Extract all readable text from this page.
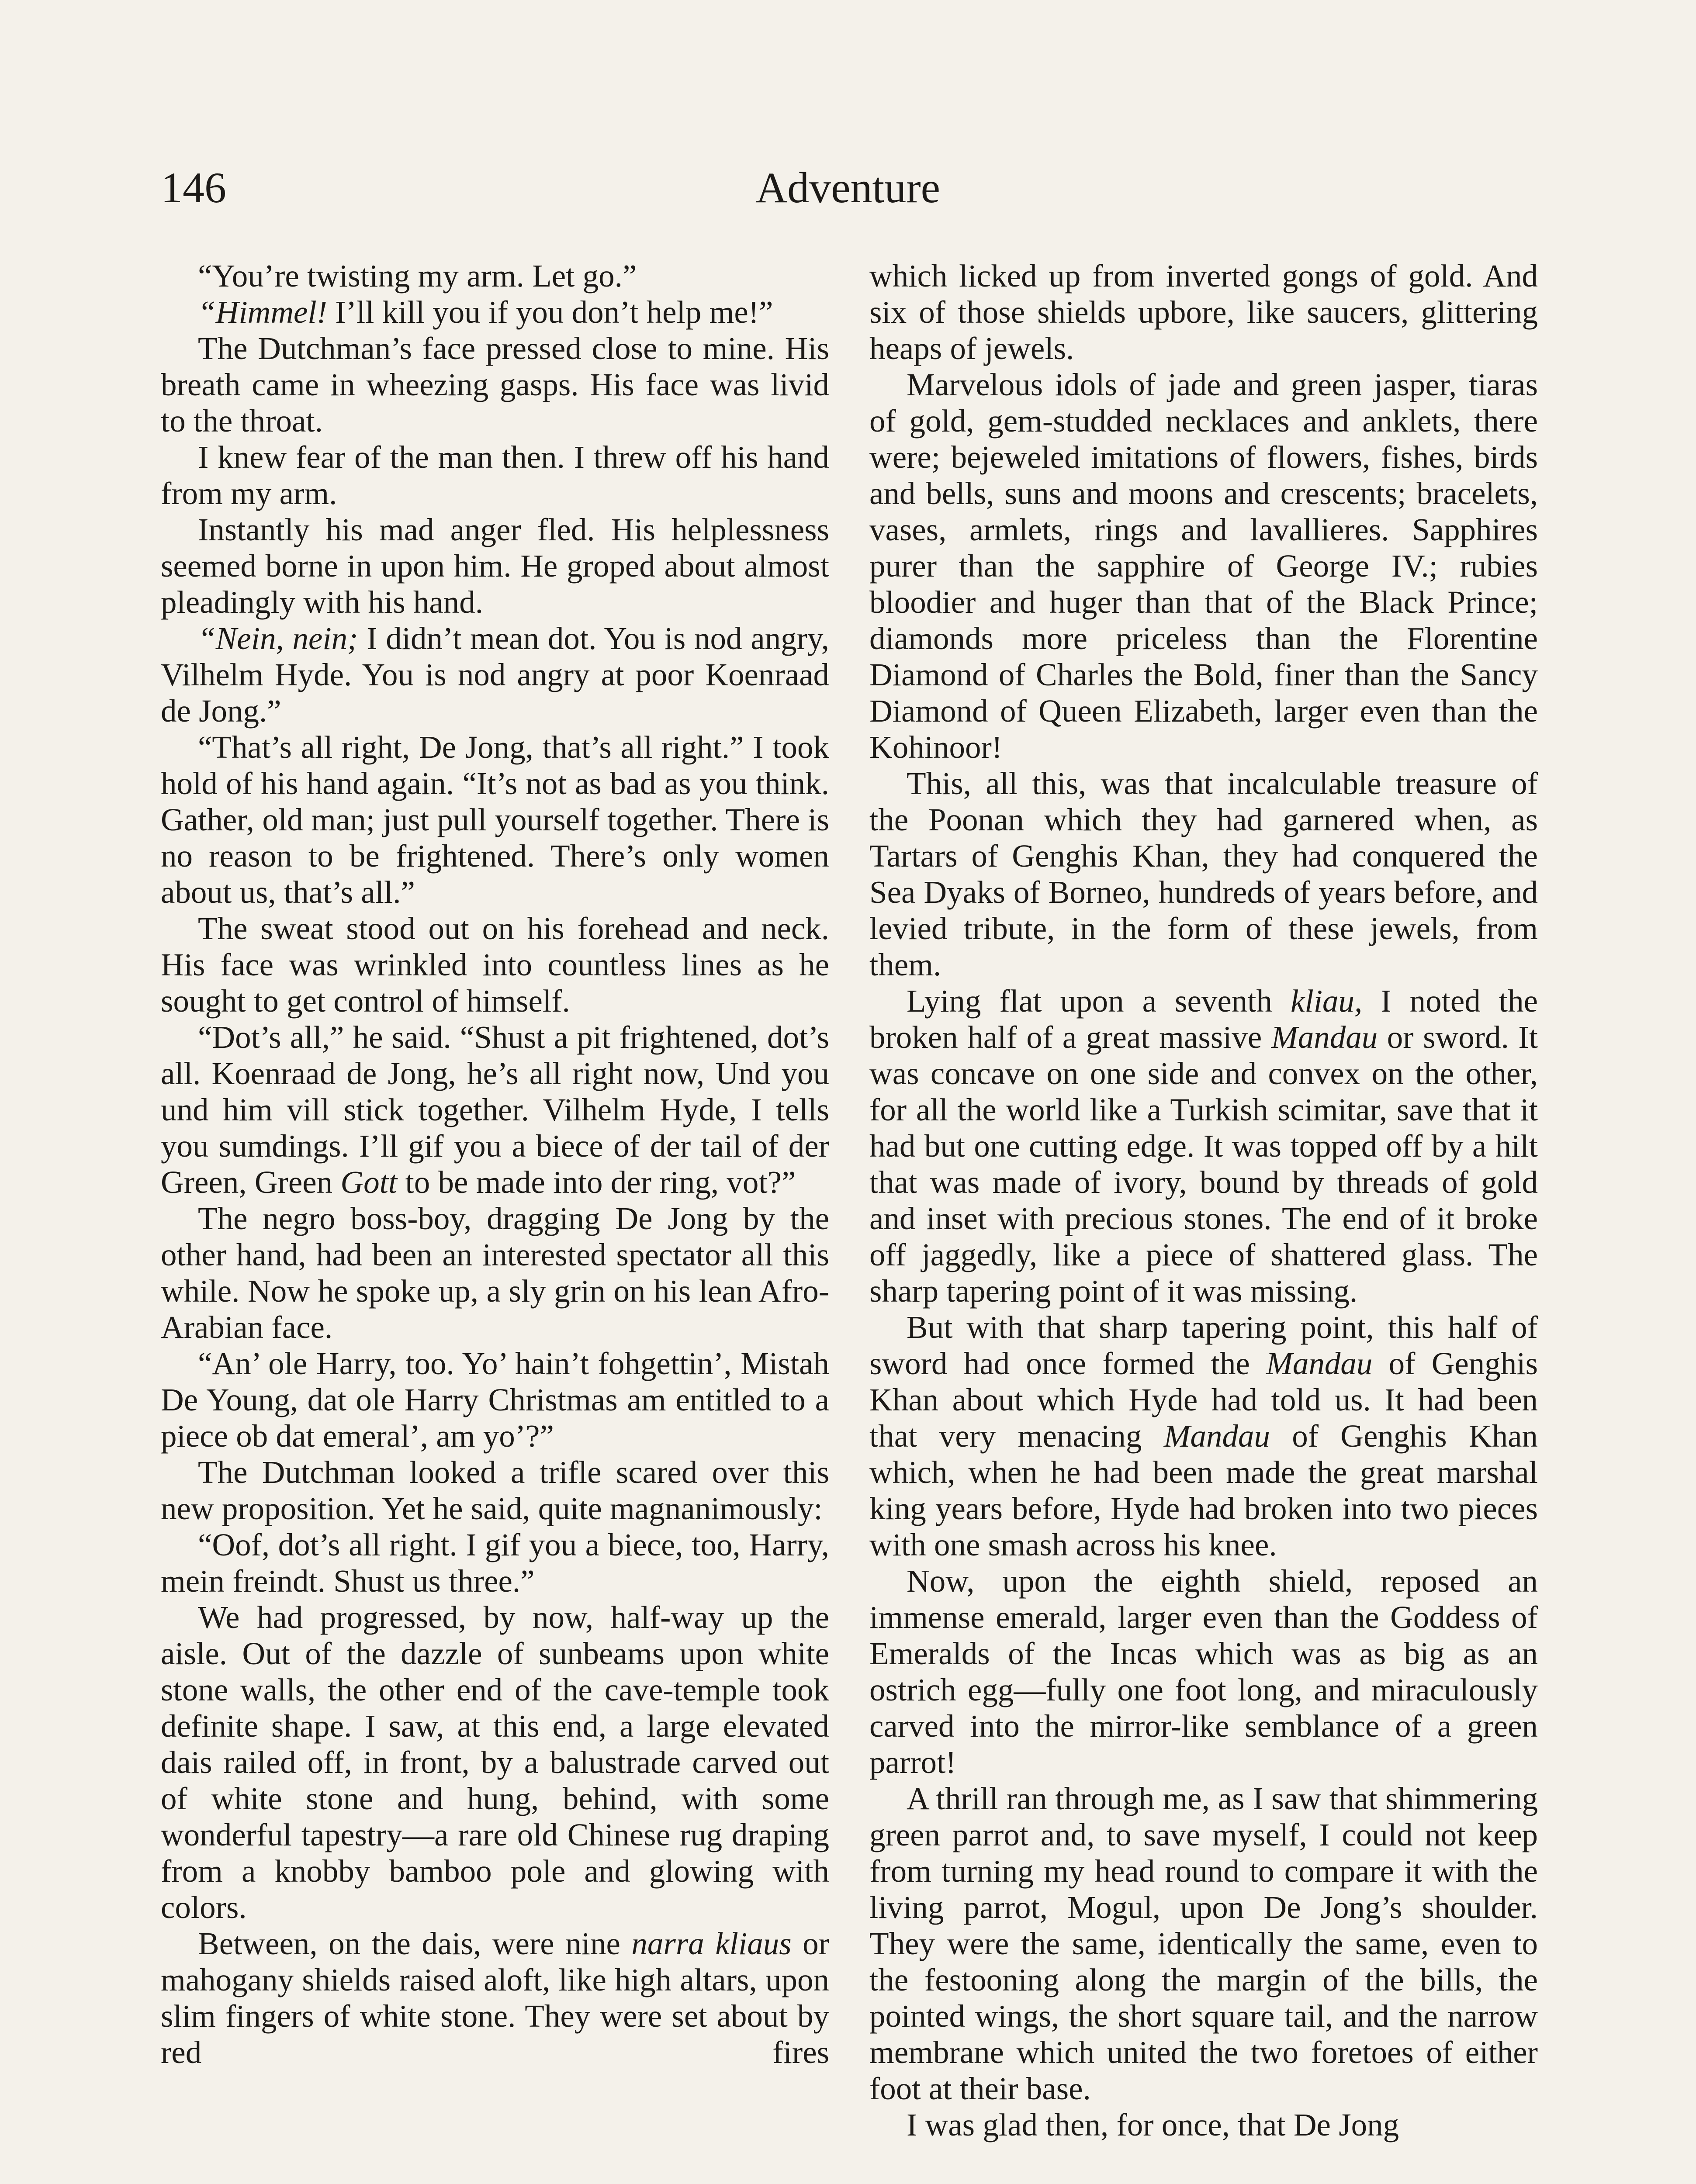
146	Adventure

“You’re twisting my arm. Let go.”

“Himmel! I’ll kill you if you don’t help me!”

The Dutchman’s face pressed close to mine. His breath came in wheezing gasps. His face was livid to the throat.

I knew fear of the man then. I threw off his hand from my arm.

Instantly his mad anger fled. His helplessness seemed borne in upon him. He groped about almost pleadingly with his hand.

“Nein, nein; I didn’t mean dot. You is nod angry, Vilhelm Hyde. You is nod angry at poor Koenraad de Jong.”

“That’s all right, De Jong, that’s all right.” I took hold of his hand again. “It’s not as bad as you think. Gather, old man; just pull yourself together. There is no reason to be frightened. There’s only women about us, that’s all.”

The sweat stood out on his forehead and neck. His face was wrinkled into countless lines as he sought to get control of himself.

“Dot’s all,” he said. “Shust a pit frightened, dot’s all. Koenraad de Jong, he’s all right now, Und you und him vill stick together. Vilhelm Hyde, I tells you sumdings. I’ll gif you a biece of der tail of der Green, Green Gott to be made into der ring, vot?”

The negro boss-boy, dragging De Jong by the other hand, had been an interested spectator all this while. Now he spoke up, a sly grin on his lean Afro-Arabian face.

“An’ ole Harry, too. Yo’ hain’t fohgettin’, Mistah De Young, dat ole Harry Christmas am entitled to a piece ob dat emeral’, am yo’?”

The Dutchman looked a trifle scared over this new proposition. Yet he said, quite magnanimously:

“Oof, dot’s all right. I gif you a biece, too, Harry, mein freindt. Shust us three.”

We had progressed, by now, half-way up the aisle. Out of the dazzle of sunbeams upon white stone walls, the other end of the cave-temple took definite shape. I saw, at this end, a large elevated dais railed off, in front, by a balustrade carved out of white stone and hung, behind, with some wonderful tapestry—a rare old Chinese rug draping from a knobby bamboo pole and glowing with colors.

Between, on the dais, were nine narra kliaus or mahogany shields raised aloft, like high altars, upon slim fingers of white stone. They were set about by red fires

which licked up from inverted gongs of gold. And six of those shields upbore, like saucers, glittering heaps of jewels.

Marvelous idols of jade and green jasper, tiaras of gold, gem-studded necklaces and anklets, there were; bejeweled imitations of flowers, fishes, birds and bells, suns and moons and crescents; bracelets, vases, armlets, rings and lavallieres. Sapphires purer than the sapphire of George IV.; rubies bloodier and huger than that of the Black Prince; diamonds more priceless than the Florentine Diamond of Charles the Bold, finer than the Sancy Diamond of Queen Elizabeth, larger even than the Kohinoor!

This, all this, was that incalculable treasure of the Poonan which they had garnered when, as Tartars of Genghis Khan, they had conquered the Sea Dyaks of Borneo, hundreds of years before, and levied tribute, in the form of these jewels, from them.

Lying flat upon a seventh kliau, I noted the broken half of a great massive Mandau or sword. It was concave on one side and convex on the other, for all the world like a Turkish scimitar, save that it had but one cutting edge. It was topped off by a hilt that was made of ivory, bound by threads of gold and inset with precious stones. The end of it broke off jaggedly, like a piece of shattered glass. The sharp tapering point of it was missing.

But with that sharp tapering point, this half of sword had once formed the Mandau of Genghis Khan about which Hyde had told us. It had been that very menacing Mandau of Genghis Khan which, when he had been made the great marshal king years before, Hyde had broken into two pieces with one smash across his knee.

Now, upon the eighth shield, reposed an immense emerald, larger even than the Goddess of Emeralds of the Incas which was as big as an ostrich egg—fully one foot long, and miraculously carved into the mirror-like semblance of a green parrot!

A thrill ran through me, as I saw that shimmering green parrot and, to save myself, I could not keep from turning my head round to compare it with the living parrot, Mogul, upon De Jong’s shoulder. They were the same, identically the same, even to the festooning along the margin of the bills, the pointed wings, the short square tail, and the narrow membrane which united the two foretoes of either foot at their base.

I was glad then, for once, that De Jong
